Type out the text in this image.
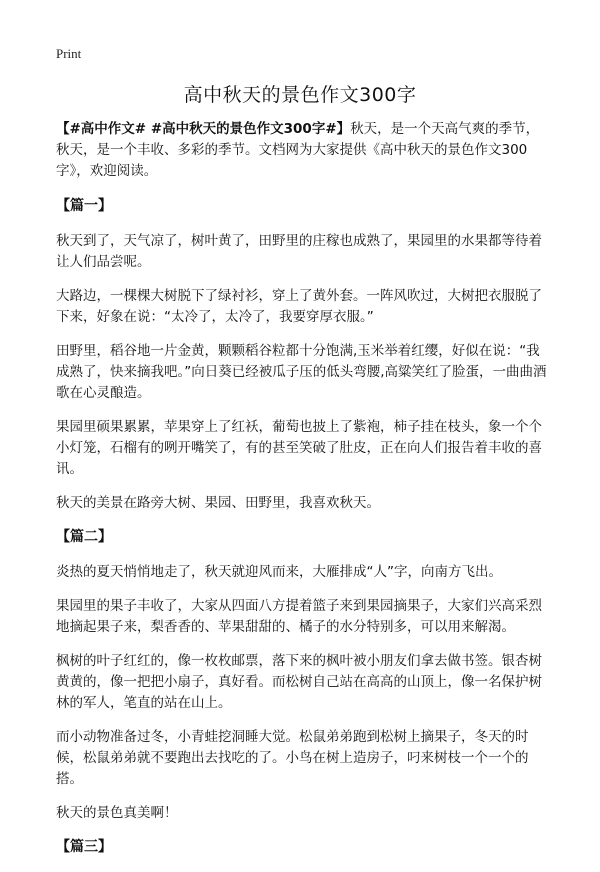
Print
高中秋天的景色作文300字

【#高中作文# #高中秋天的景色作文300字#】秋天，是一个天高气爽的季节，秋天，是一个丰收、多彩的季节。文档网为大家提供《高中秋天的景色作文300字》，欢迎阅读。

【篇一】

秋天到了，天气凉了，树叶黄了，田野里的庄稼也成熟了，果园里的水果都等待着让人们品尝呢。

大路边，一棵棵大树脱下了绿衬衫，穿上了黄外套。一阵风吹过，大树把衣服脱了下来，好象在说：“太冷了，太冷了，我要穿厚衣服。”

田野里，稻谷地一片金黄，颗颗稻谷粒都十分饱满,玉米举着红缨，好似在说：“我成熟了，快来摘我吧。”向日葵已经被瓜子压的低头弯腰,高粱笑红了脸蛋，一曲曲酒歌在心灵酿造。

果园里硕果累累，苹果穿上了红袄，葡萄也披上了紫袍，柿子挂在枝头，象一个个小灯笼，石榴有的咧开嘴笑了，有的甚至笑破了肚皮，正在向人们报告着丰收的喜讯。

秋天的美景在路旁大树、果园、田野里，我喜欢秋天。

【篇二】

炎热的夏天悄悄地走了，秋天就迎风而来，大雁排成“人”字，向南方飞出。

果园里的果子丰收了，大家从四面八方提着篮子来到果园摘果子，大家们兴高采烈地摘起果子来，梨香香的、苹果甜甜的、橘子的水分特别多，可以用来解渴。

枫树的叶子红红的，像一枚枚邮票，落下来的枫叶被小朋友们拿去做书签。银杏树黄黄的，像一把把小扇子，真好看。而松树自己站在高高的山顶上，像一名保护树林的军人，笔直的站在山上。

而小动物准备过冬，小青蛙挖洞睡大觉。松鼠弟弟跑到松树上摘果子，冬天的时候，松鼠弟弟就不要跑出去找吃的了。小鸟在树上造房子，叼来树枝一个一个的搭。

秋天的景色真美啊！

【篇三】
